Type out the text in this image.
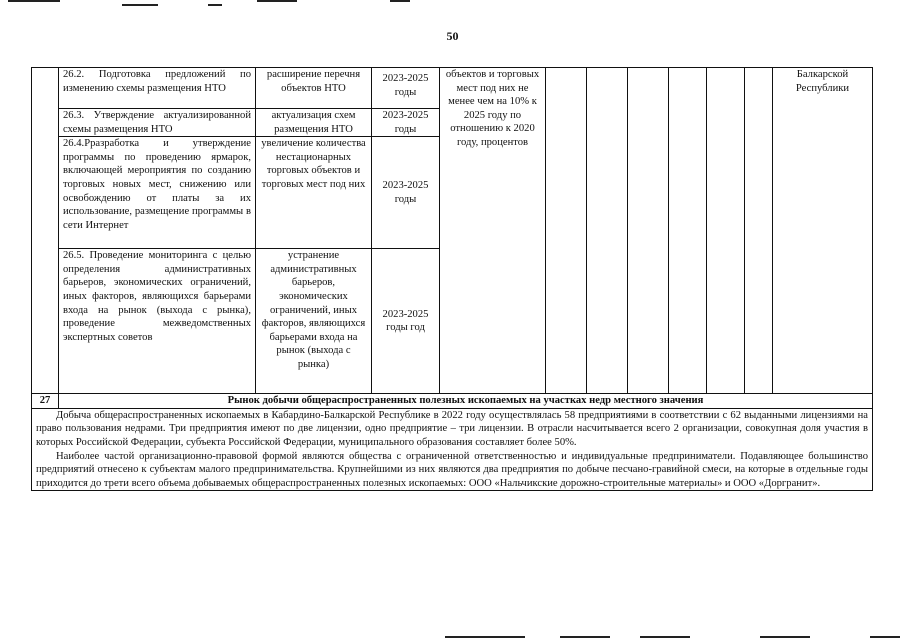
50
	26.2. Подготовка предложений по изменению схемы размещения НТО	расширение перечня объектов НТО	2023-2025 годы	объектов и торговых мест под них не менее чем на 10% к 2025 году по отношению к 2020 году, процентов							Балкарской Республики
	26.3. Утверждение актуализированной схемы размещения НТО	актуализация схем размещения НТО	2023-2025 годы								
	26.4.Рразработка и утверждение программы по проведению ярмарок, включающей мероприятия по созданию торговых новых мест, снижению или освобождению от платы за их использование, размещение программы в сети Интернет	увеличение количества нестационарных торговых объектов и торговых мест под них	2023-2025 годы								
	26.5. Проведение мониторинга с целью определения административных барьеров, экономических ограничений, иных факторов, являющихся барьерами входа на рынок (выхода с рынка), проведение межведомственных экспертных советов	устранение административных барьеров, экономических ограничений, иных факторов, являющихся барьерами входа на рынок (выхода с рынка)	2023-2025 годы год								
27	Рынок добычи общераспространенных полезных ископаемых на участках недр местного значения										

Добыча общераспространенных ископаемых в Кабардино-Балкарской Республике в 2022 году осуществлялась 58 предприятиями в соответствии с 62 выданными лицензиями на право пользования недрами. Три предприятия имеют по две лицензии, одно предприятие – три лицензии. В отрасли насчитывается всего 2 организации, совокупная доля участия в которых Российской Федерации, субъекта Российской Федерации, муниципального образования составляет более 50%.

Наиболее частой организационно-правовой формой являются общества с ограниченной ответственностью и индивидуальные предприниматели. Подавляющее большинство предприятий отнесено к субъектам малого предпринимательства. Крупнейшими из них являются два предприятия по добыче песчано-гравийной смеси, на которые в отдельные годы приходится до трети всего объема добываемых общераспространенных полезных ископаемых: ООО «Нальчикские дорожно-строительные материалы» и ООО «Доргранит».											
